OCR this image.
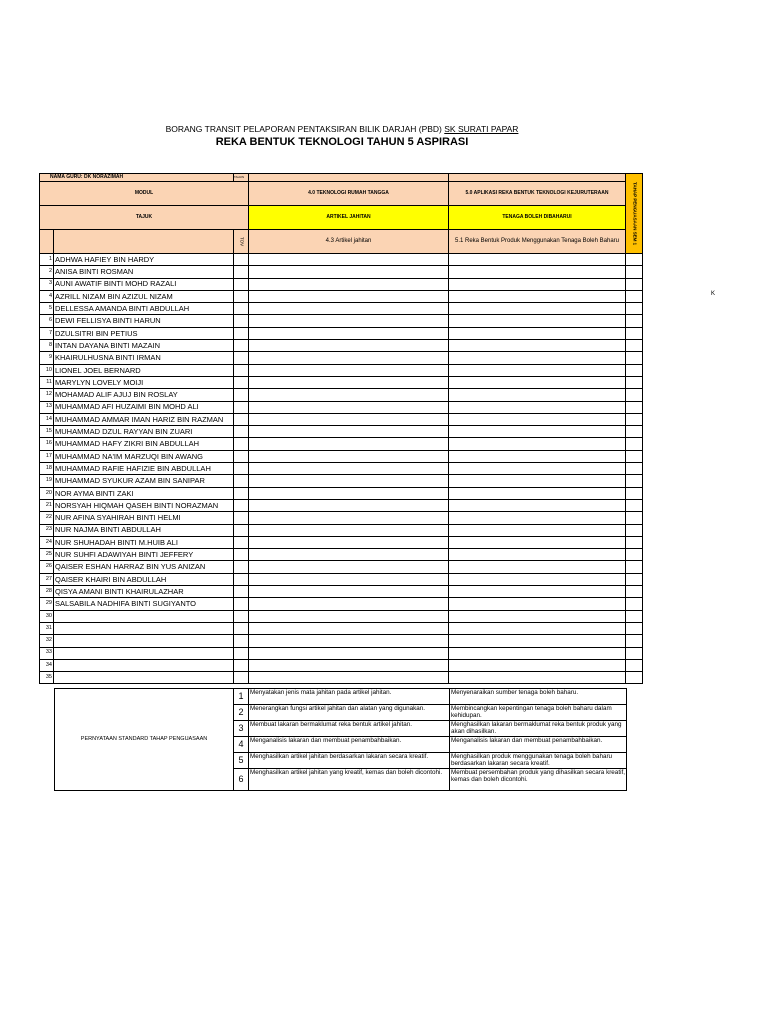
BORANG TRANSIT PELAPORAN PENTAKSIRAN BILIK DARJAH (PBD) SK SURATI PAPAR
REKA BENTUK TEKNOLOGI TAHUN 5 ASPIRASI
K
NAMA GURU: DK NORAZIMAH		TAHUN			TAHAP PENGUASAAN SEM 1
MODUL			4.0 TEKNOLOGI RUMAH TANGGA	5.0 APLIKASI REKA BENTUK TEKNOLOGI KEJURUTERAAN	
TAJUK			ARTIKEL JAHITAN	TENAGA BOLEH DIBAHARUI	
		TOV	4.3 Artikel jahitan	5.1 Reka Bentuk Produk Menggunakan Tenaga Boleh Baharu	
1	ADHWA HAFIEY BIN HARDY				
2	ANISA BINTI ROSMAN				
3	AUNI AWATIF BINTI MOHD RAZALI				
4	AZRILL NIZAM BIN AZIZUL NIZAM				
5	DELLESSA AMANDA BINTI ABDULLAH				
6	DEWI FELLISYA BINTI HARUN				
7	DZULSITRI BIN PETIUS				
8	INTAN DAYANA BINTI MAZAIN				
9	KHAIRULHUSNA BINTI IRMAN				
10	LIONEL JOEL BERNARD				
11	MARYLYN LOVELY MOIJI				
12	MOHAMAD ALIF AJUJ BIN ROSLAY				
13	MUHAMMAD AFI HUZAIMI BIN MOHD ALI				
14	MUHAMMAD AMMAR IMAN HARIZ BIN RAZMAN				
15	MUHAMMAD DZUL RAYYAN BIN ZUARI				
16	MUHAMMAD HAFY ZIKRI BIN ABDULLAH				
17	MUHAMMAD NA'IM MARZUQI BIN AWANG				
18	MUHAMMAD RAFIE HAFIZIE BIN ABDULLAH				
19	MUHAMMAD SYUKUR AZAM BIN SANIPAR				
20	NOR AYMA BINTI ZAKI				
21	NORSYAH HIQMAH QASEH BINTI NORAZMAN				
22	NUR AFINA SYAHIRAH BINTI HELMI				
23	NUR NAJMA BINTI ABDULLAH				
24	NUR SHUHADAH BINTI M.HUIB ALI				
25	NUR SUHFI ADAWIYAH BINTI JEFFERY				
26	QAISER ESHAN HARRAZ BIN YUS ANIZAN				
27	QAISER KHAIRI BIN ABDULLAH				
28	QISYA AMANI BINTI KHAIRULAZHAR				
29	SALSABILA NADHIFA BINTI SUGIYANTO				
30					
31					
32					
33					
34					
35					
PERNYATAAN STANDARD TAHAP PENGUASAAN	1	Menyatakan jenis mata jahitan pada artikel jahitan.	Menyenaraikan sumber tenaga boleh baharu.
	2	Menerangkan fungsi artikel jahitan dan alatan yang digunakan.	Membincangkan kepentingan tenaga boleh baharu dalam kehidupan.
	3	Membuat lakaran bermaklumat reka bentuk artikel jahitan.	Menghasilkan lakaran bermaklumat reka bentuk produk yang akan dihasilkan.
	4	Menganalisis lakaran dan membuat penambahbaikan.	Menganalisis lakaran dan membuat penambahbaikan.
	5	Menghasilkan artikel jahitan berdasarkan lakaran secara kreatif.	Menghasilkan produk menggunakan tenaga boleh baharu berdasarkan lakaran secara kreatif.
	6	Menghasilkan artikel jahitan yang kreatif, kemas dan boleh dicontohi.	Membuat persembahan produk yang dihasilkan secara kreatif, kemas dan boleh dicontohi.
